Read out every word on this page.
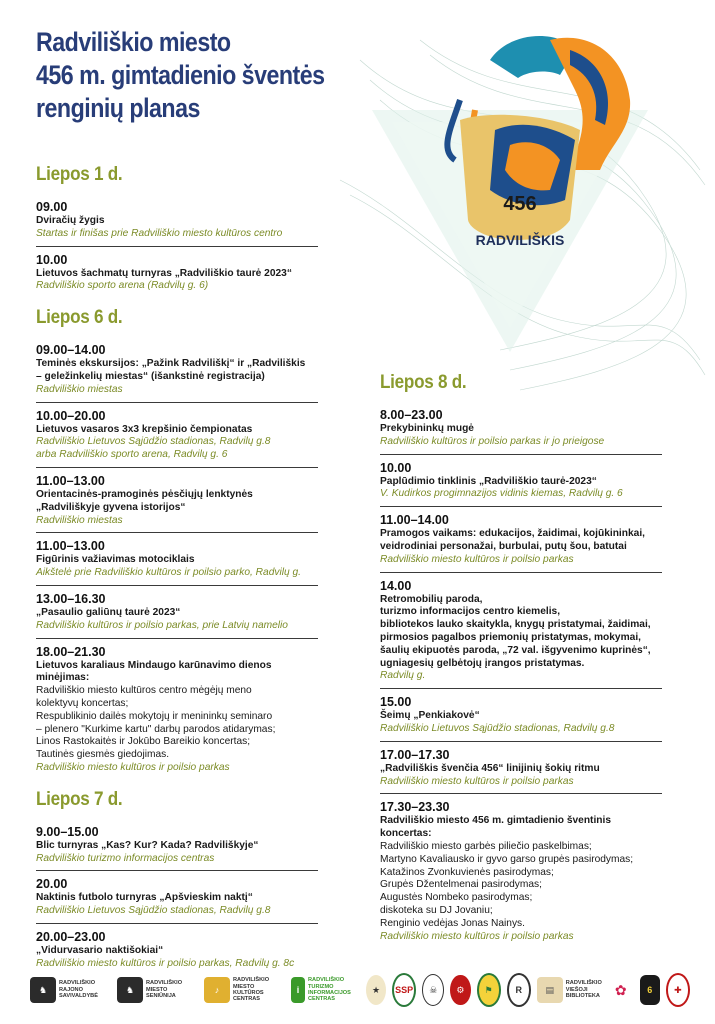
Radviliškio miesto
456 m. gimtadienio šventės
renginių planas
456
RADVILIŠKIS
Liepos 1 d.
09.00
Dviračių žygis
Startas ir finišas prie Radviliškio miesto kultūros centro
10.00
Lietuvos šachmatų turnyras „Radviliškio taurė 2023“
Radviliškio sporto arena (Radvilų g. 6)
Liepos 6 d.
09.00–14.00
Teminės ekskursijos: „Pažink Radviliškį“ ir „Radviliškis
– geležinkelių miestas“ (išankstinė registracija)
Radviliškio miestas
10.00–20.00
Lietuvos vasaros 3x3 krepšinio čempionatas
Radviliškio Lietuvos Sąjūdžio stadionas, Radvilų g.8
arba Radviliškio sporto arena, Radvilų g. 6
11.00–13.00
Orientacinės-pramoginės pėsčiųjų lenktynės
„Radviliškyje gyvena istorijos“
Radviliškio miestas
11.00–13.00
Figūrinis važiavimas motociklais
Aikštelė prie Radviliškio kultūros ir poilsio parko, Radvilų g.
13.00–16.30
„Pasaulio galiūnų taurė 2023“
Radviliškio kultūros ir poilsio parkas, prie Latvių namelio
18.00–21.30
Lietuvos karaliaus Mindaugo karūnavimo dienos minėjimas:
Radviliškio miesto kultūros centro mėgėjų meno
kolektyvų koncertas;
Respublikinio dailės mokytojų ir menininkų seminaro
– plenero "Kurkime kartu" darbų parodos atidarymas;
Linos Rastokaitės ir Jokūbo Bareikio koncertas;
Tautinės giesmės giedojimas.
Radviliškio miesto kultūros ir poilsio parkas
Liepos 7 d.
9.00–15.00
Blic turnyras „Kas? Kur? Kada? Radviliškyje“
Radviliškio turizmo informacijos centras
20.00
Naktinis futbolo turnyras „Apšvieskim naktį“
Radviliškio Lietuvos Sąjūdžio stadionas, Radvilų g.8
20.00–23.00
„Vidurvasario naktišokiai“
Radviliškio miesto kultūros ir poilsio parkas, Radvilų g. 8c
Liepos 8 d.
8.00–23.00
Prekybininkų mugė
Radviliškio kultūros ir poilsio parkas ir jo prieigose
10.00
Paplūdimio tinklinis „Radviliškio taurė-2023“
V. Kudirkos progimnazijos vidinis kiemas, Radvilų g. 6
11.00–14.00
Pramogos vaikams: edukacijos, žaidimai, kojūkininkai,
veidrodiniai personažai, burbulai, putų šou, batutai
Radviliškio miesto kultūros ir poilsio parkas
14.00
Retromobilių paroda,
turizmo informacijos centro kiemelis,
bibliotekos lauko skaitykla, knygų pristatymai, žaidimai,
pirmosios pagalbos priemonių pristatymas, mokymai,
šaulių ekipuotės paroda, „72 val. išgyvenimo kuprinės“,
ugniagesių gelbėtojų įrangos pristatymas.
Radvilų g.
15.00
Šeimų „Penkiakovė“
Radviliškio Lietuvos Sąjūdžio stadionas, Radvilų g.8
17.00–17.30
„Radviliškis švenčia 456“ linijinių šokių ritmu
Radviliškio miesto kultūros ir poilsio parkas
17.30–23.30
Radviliškio miesto 456 m. gimtadienio šventinis koncertas:
Radviliškio miesto garbės piliečio paskelbimas;
Martyno Kavaliausko ir gyvo garso grupės pasirodymas;
Katažinos Zvonkuvienės pasirodymas;
Grupės Džentelmenai pasirodymas;
Augustės Nombeko pasirodymas;
diskoteka su DJ Jovaniu;
Renginio vedėjas Jonas Nainys.
Radviliškio miesto kultūros ir poilsio parkas
♞
RADVILIŠKIO
RAJONO
SAVIVALDYBĖ
♞
RADVILIŠKIO
MIESTO
SENIŪNIJA
♪
RADVILIŠKIO
MIESTO
KULTŪROS
CENTRAS
i
RADVILIŠKIO
TURIZMO
INFORMACIJOS
CENTRAS
★	SSP	☠	⚙	⚑	R	▤
RADVILIŠKIO
VIEŠOJI
BIBLIOTEKA	✿	6	✚
